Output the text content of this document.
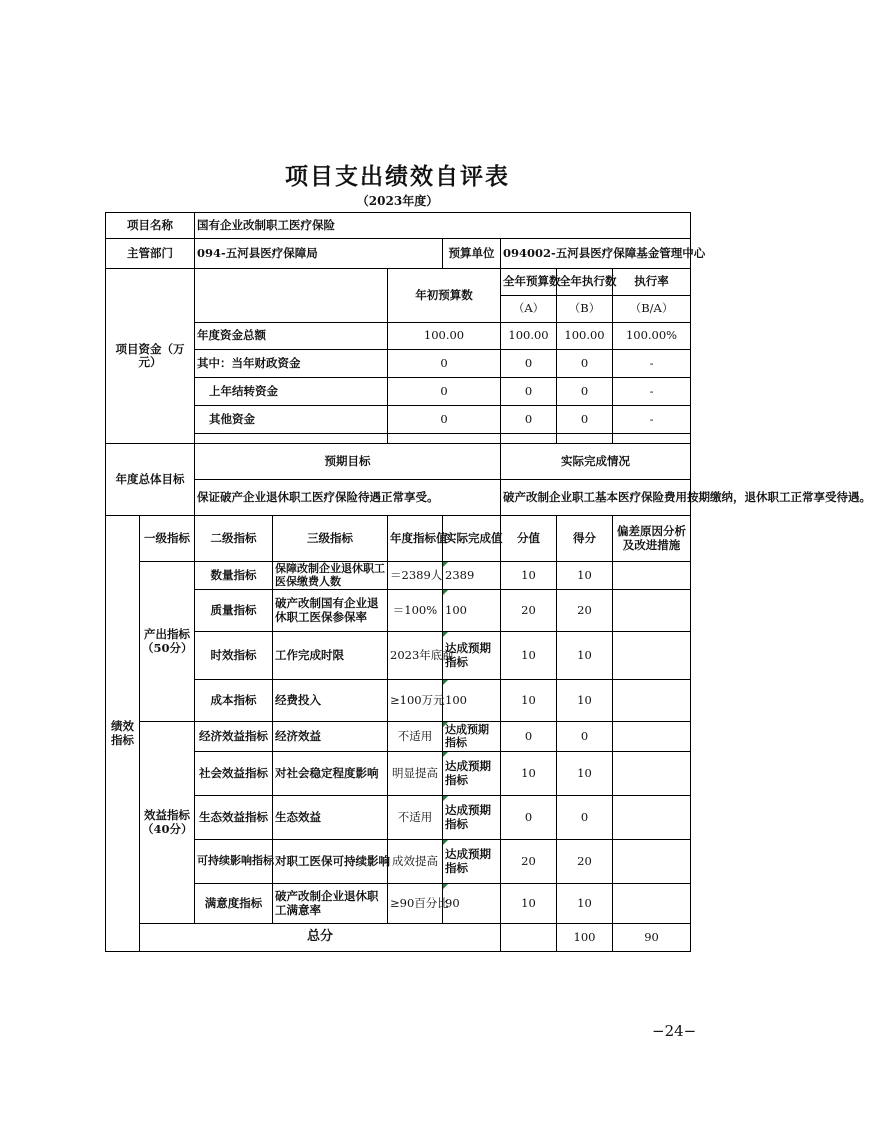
项目支出绩效自评表
（2023年度）
项目名称		国有企业改制职工医疗保险							
主管部门		094-五河县医疗保障局			预算单位	094002-五河县医疗保障基金管理中心			
项目资金（万元）				年初预算数		全年预算数	全年执行数	执行率	
						（A）	（B）	（B/A）	
		年度资金总额		100.00		100.00	100.00	100.00%	
		其中：当年财政资金		0		0	0	-	
		上年结转资金		0		0	0	-	
		其他资金		0		0	0	-	

年度总体目标		预期目标				实际完成情况			
		保证破产企业退休职工医疗保险待遇正常享受。				破产改制企业职工基本医疗保险费用按期缴纳，退休职工正常享受待遇。			
绩效指标	一级指标	二级指标	三级指标	年度指标值	实际完成值	分值	得分	偏差原因分析及改进措施	
	产出指标（50分）	数量指标	保障改制企业退休职工医保缴费人数	＝2389人	2389	10	10		
		质量指标	破产改制国有企业退休职工医保参保率	＝100%	100	20	20		
		时效指标	工作完成时限	2023年底前	达成预期指标	10	10		
		成本指标	经费投入	≥100万元	100	10	10		
	效益指标（40分）	经济效益指标	经济效益	不适用	达成预期指标	0	0		
		社会效益指标	对社会稳定程度影响	明显提高	达成预期指标	10	10		
		生态效益指标	生态效益	不适用	达成预期指标	0	0		
		可持续影响指标	对职工医保可持续影响	成效提高	达成预期指标	20	20		
		满意度指标	破产改制企业退休职工满意率	≥90百分比	90	10	10		
	总分						100	90	
−24−
